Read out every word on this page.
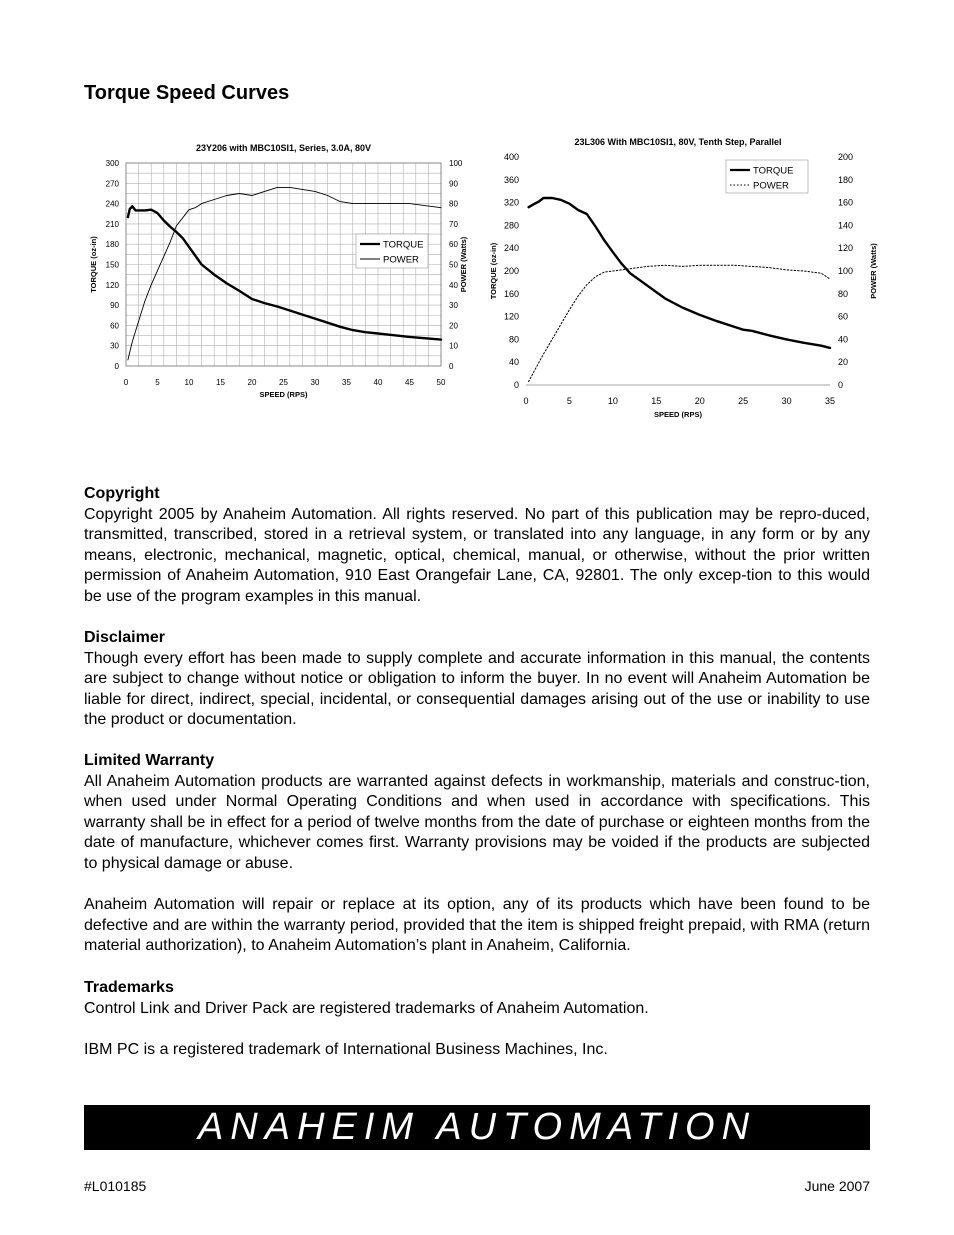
Torque Speed Curves
23Y206 with MBC10SI1, Series, 3.0A, 80V
0	5	10	15	20	25	30	35	40	45	50
0
30
60
90
120
150
180
210
240
270
300
0
10
20
30
40
50
60
70
80
90
100
SPEED (RPS)
TORQUE (oz-in)	POWER (Watts)
TORQUE
POWER
23L306 With MBC10SI1, 80V, Tenth Step, Parallel
0	5	10	15	20	25	30	35
0
40
80
120
160
200
240
280
320
360
400
0
20
40
60
80
100
120
140
160
180
200
SPEED (RPS)
TORQUE (oz-in)	POWER (Watts)
TORQUE
POWER
Copyright

Copyright 2005 by Anaheim Automation. All rights reserved. No part of this publication may be repro-duced, transmitted, transcribed, stored in a retrieval system, or translated into any language, in any form or by any means, electronic, mechanical, magnetic, optical, chemical, manual, or otherwise, without the prior written permission of Anaheim Automation, 910 East Orangefair Lane, CA, 92801. The only excep-tion to this would be use of the program examples in this manual.

Disclaimer

Though every effort has been made to supply complete and accurate information in this manual, the contents are subject to change without notice or obligation to inform the buyer. In no event will Anaheim Automation be liable for direct, indirect, special, incidental, or consequential damages arising out of the use or inability to use the product or documentation.

Limited Warranty

All Anaheim Automation products are warranted against defects in workmanship, materials and construc-tion, when used under Normal Operating Conditions and when used in accordance with specifications. This warranty shall be in effect for a period of twelve months from the date of purchase or eighteen months from the date of manufacture, whichever comes first. Warranty provisions may be voided if the products are subjected to physical damage or abuse.

Anaheim Automation will repair or replace at its option, any of its products which have been found to be defective and are within the warranty period, provided that the item is shipped freight prepaid, with RMA (return material authorization), to Anaheim Automation’s plant in Anaheim, California.

Trademarks

Control Link and Driver Pack are registered trademarks of Anaheim Automation.

IBM PC is a registered trademark of International Business Machines, Inc.

ANAHEIM AUTOMATION
#L010185	June 2007
